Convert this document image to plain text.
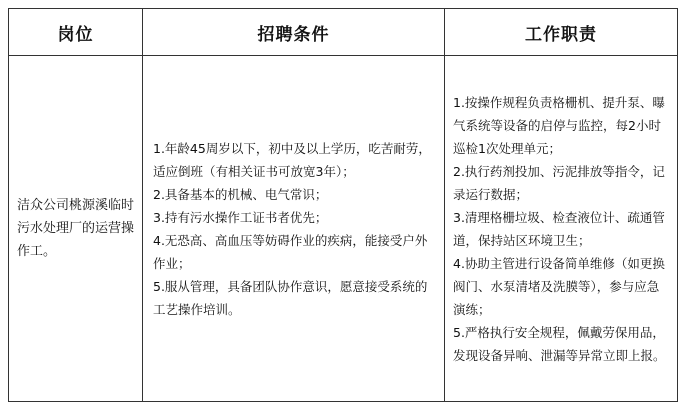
岗位	招聘条件	工作职责

洁众公司桃源溪临时污水处理厂的运营操作工。	1.年龄45周岁以下，初中及以上学历，吃苦耐劳，适应倒班（有相关证书可放宽3年）；
2.具备基本的机械、电气常识；
3.持有污水操作工证书者优先；
4.无恐高、高血压等妨碍作业的疾病，能接受户外作业；
5.服从管理，具备团队协作意识，愿意接受系统的工艺操作培训。	1.按操作规程负责格栅机、提升泵、曝气系统等设备的启停与监控，每2小时巡检1次处理单元；
2.执行药剂投加、污泥排放等指令，记录运行数据；
3.清理格栅垃圾、检查液位计、疏通管道，保持站区环境卫生；
4.协助主管进行设备简单维修（如更换阀门、水泵清堵及洗膜等），参与应急演练；
5.严格执行安全规程，佩戴劳保用品，发现设备异响、泄漏等异常立即上报。
